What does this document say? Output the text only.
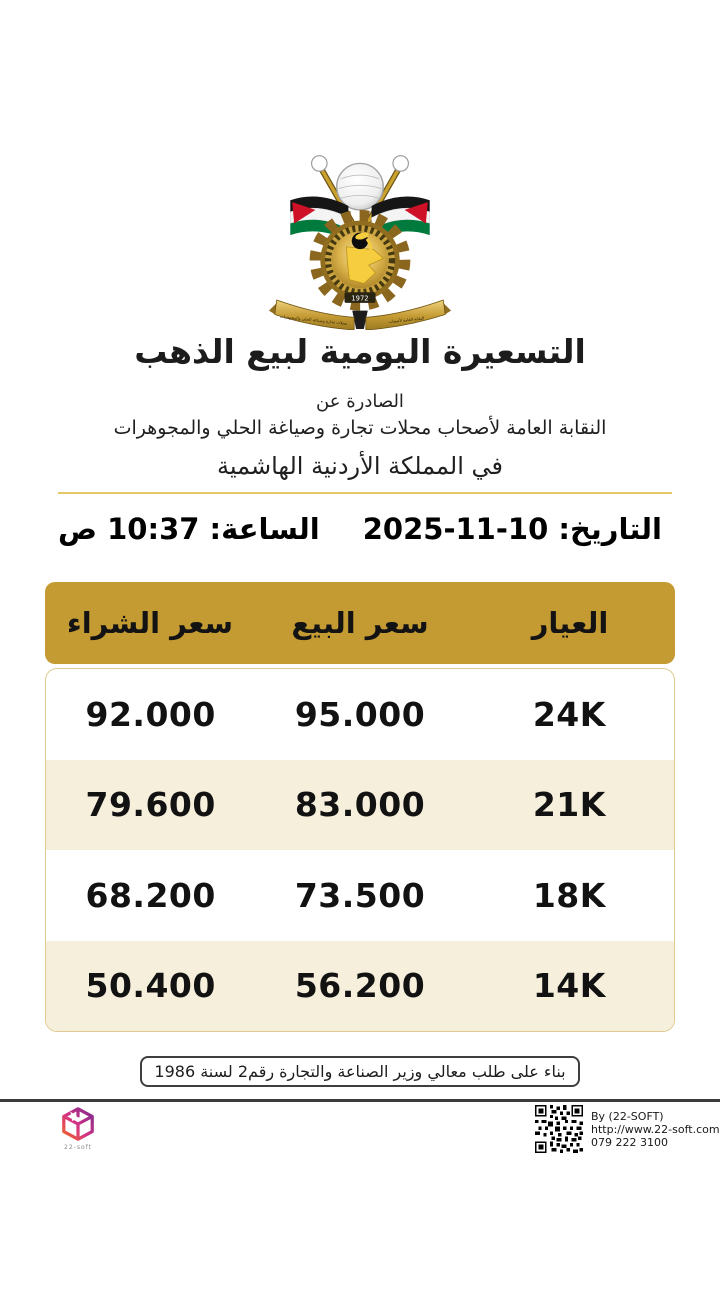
1972
محلات تجارة وصياغة الحلي والمجوهرات	النقابة العامة لأصحاب
التسعيرة اليومية لبيع الذهب
الصادرة عن
النقابة العامة لأصحاب محلات تجارة وصياغة الحلي والمجوهرات
في المملكة الأردنية الهاشمية
التاريخ: 10-11-2025
الساعة: 10:37 ص
العيار
سعر البيع
سعر الشراء
24K
95.000
92.000
21K
83.000
79.600
18K
73.500
68.200
14K
56.200
50.400
بناء على طلب معالي وزير الصناعة والتجارة رقم2 لسنة 1986
22-soft
By (22-SOFT)
http://www.22-soft.com
079 222 3100
